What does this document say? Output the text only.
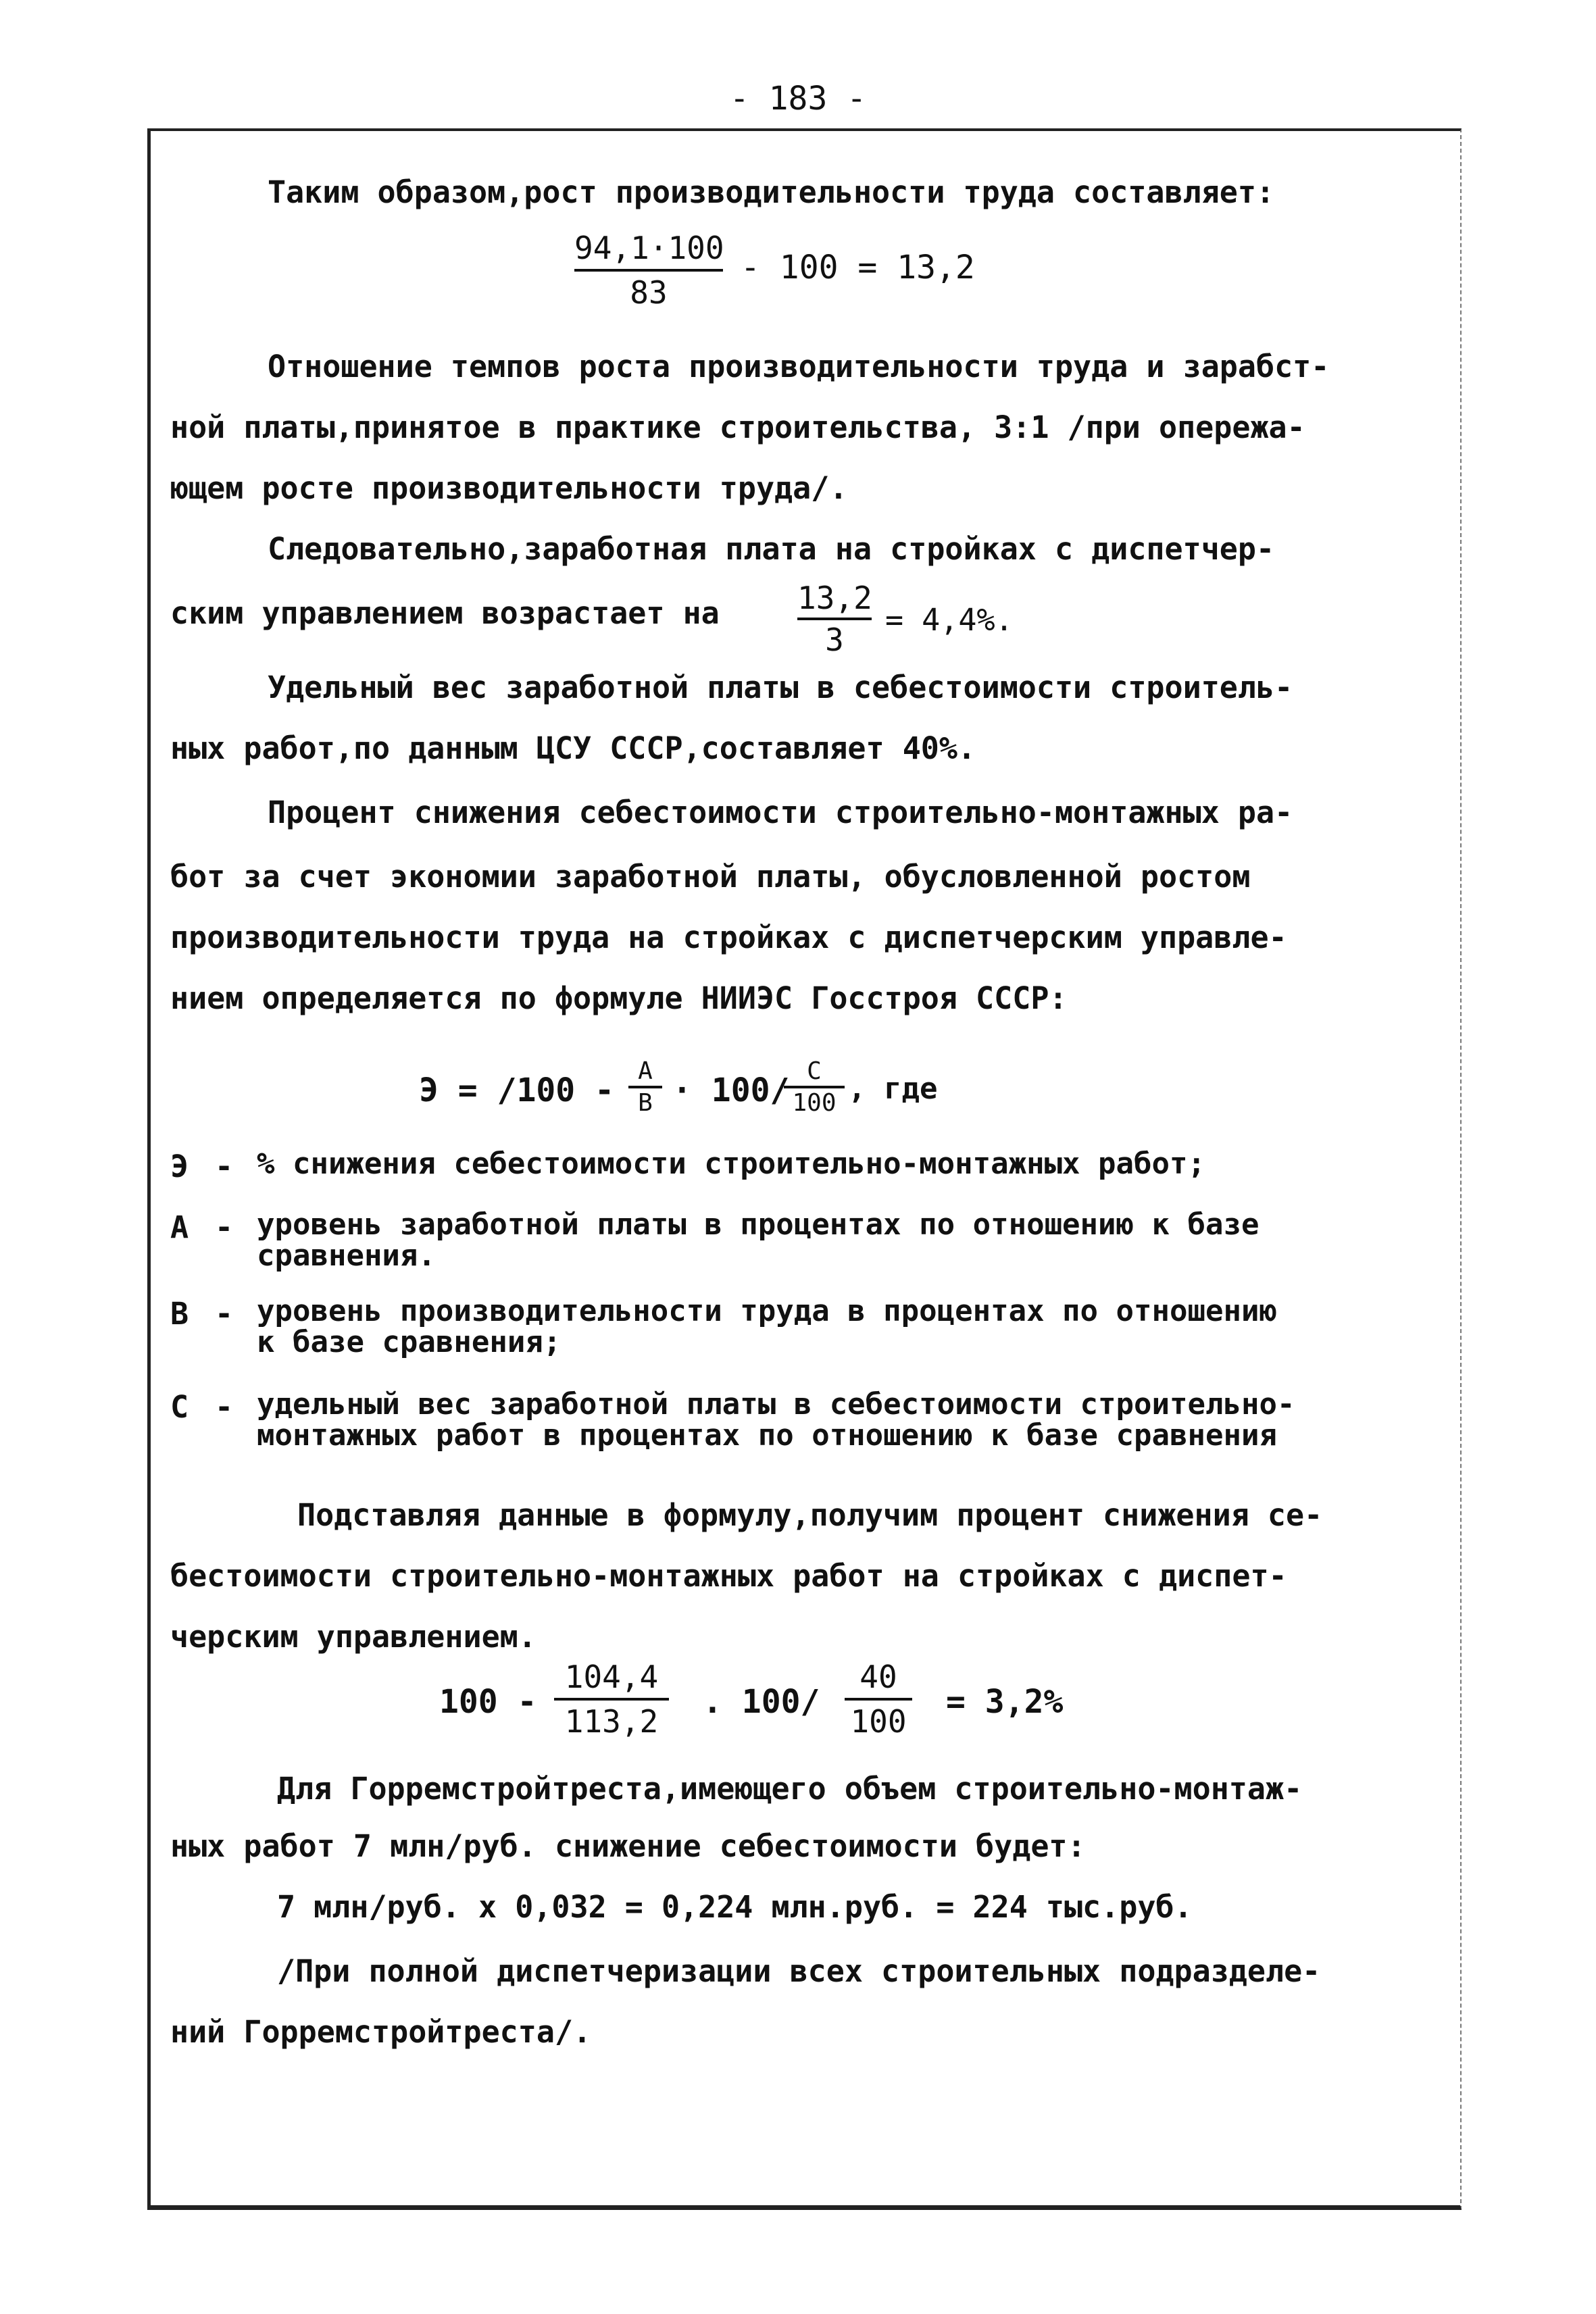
- 183 -
Таким образом,рост производительности труда составляет:
94,1·100
83
- 100 = 13,2
Отношение темпов роста производительности труда и зарабст-
ной платы,принятое в практике строительства, 3:1 /при опережа-
ющем росте производительности труда/.
Следовательно,заработная плата на стройках с диспетчер-
ским управлением возрастает на	13,2
3
= 4,4%.
Удельный вес заработной платы в себестоимости строитель-
ных работ,по данным ЦСУ СССР,составляет 40%.
Процент снижения себестоимости строительно-монтажных ра-
бот за счет экономии заработной платы, обусловленной ростом
производительности труда на стройках с диспетчерским управле-
нием определяется по формуле НИИЭС Госстроя СССР:
Э = /100 -
А
В · 100/
С
100 , где
Э - % снижения себестоимости строительно-монтажных работ;
А - уровень заработной платы в процентах по отношению к базе
сравнения.
В - уровень производительности труда в процентах по отношению
к базе сравнения;
С - удельный вес заработной платы в себестоимости строительно-
монтажных работ в процентах по отношению к базе сравнения
Подставляя данные в формулу,получим процент снижения се-
бестоимости строительно-монтажных работ на стройках с диспет-
черским управлением.
100 -
104,4
113,2
. 100/
40
100
= 3,2%
Для Горремстройтреста,имеющего объем строительно-монтаж-
ных работ 7 млн/руб. снижение себестоимости будет:
7 млн/руб. х 0,032 = 0,224 млн.руб. = 224 тыс.руб.
/При полной диспетчеризации всех строительных подразделе-
ний Горремстройтреста/.
